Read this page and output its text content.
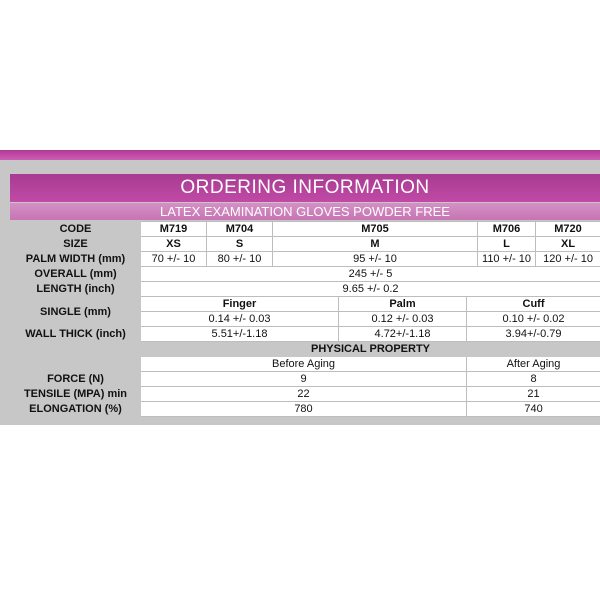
ORDERING INFORMATION
LATEX EXAMINATION GLOVES POWDER FREE
CODE	M719	M704	M705			M706	M720
SIZE	XS	S	M			L	XL
PALM WIDTH (mm)	70 +/- 10	80 +/- 10	95 +/- 10			110 +/- 10	120 +/- 10
OVERALL (mm)	245 +/- 5						
LENGTH (inch)	9.65 +/- 0.2						
SINGLE (mm)	Finger			Palm	Cuff		
	0.14 +/- 0.03			0.12 +/- 0.03	0.10 +/- 0.02		
WALL THICK (inch)	5.51+/-1.18			4.72+/-1.18	3.94+/-0.79		
	PHYSICAL PROPERTY						
	Before Aging				After Aging		
FORCE (N)	9				8		
TENSILE (MPA) min	22				21		
ELONGATION (%)	780				740		
